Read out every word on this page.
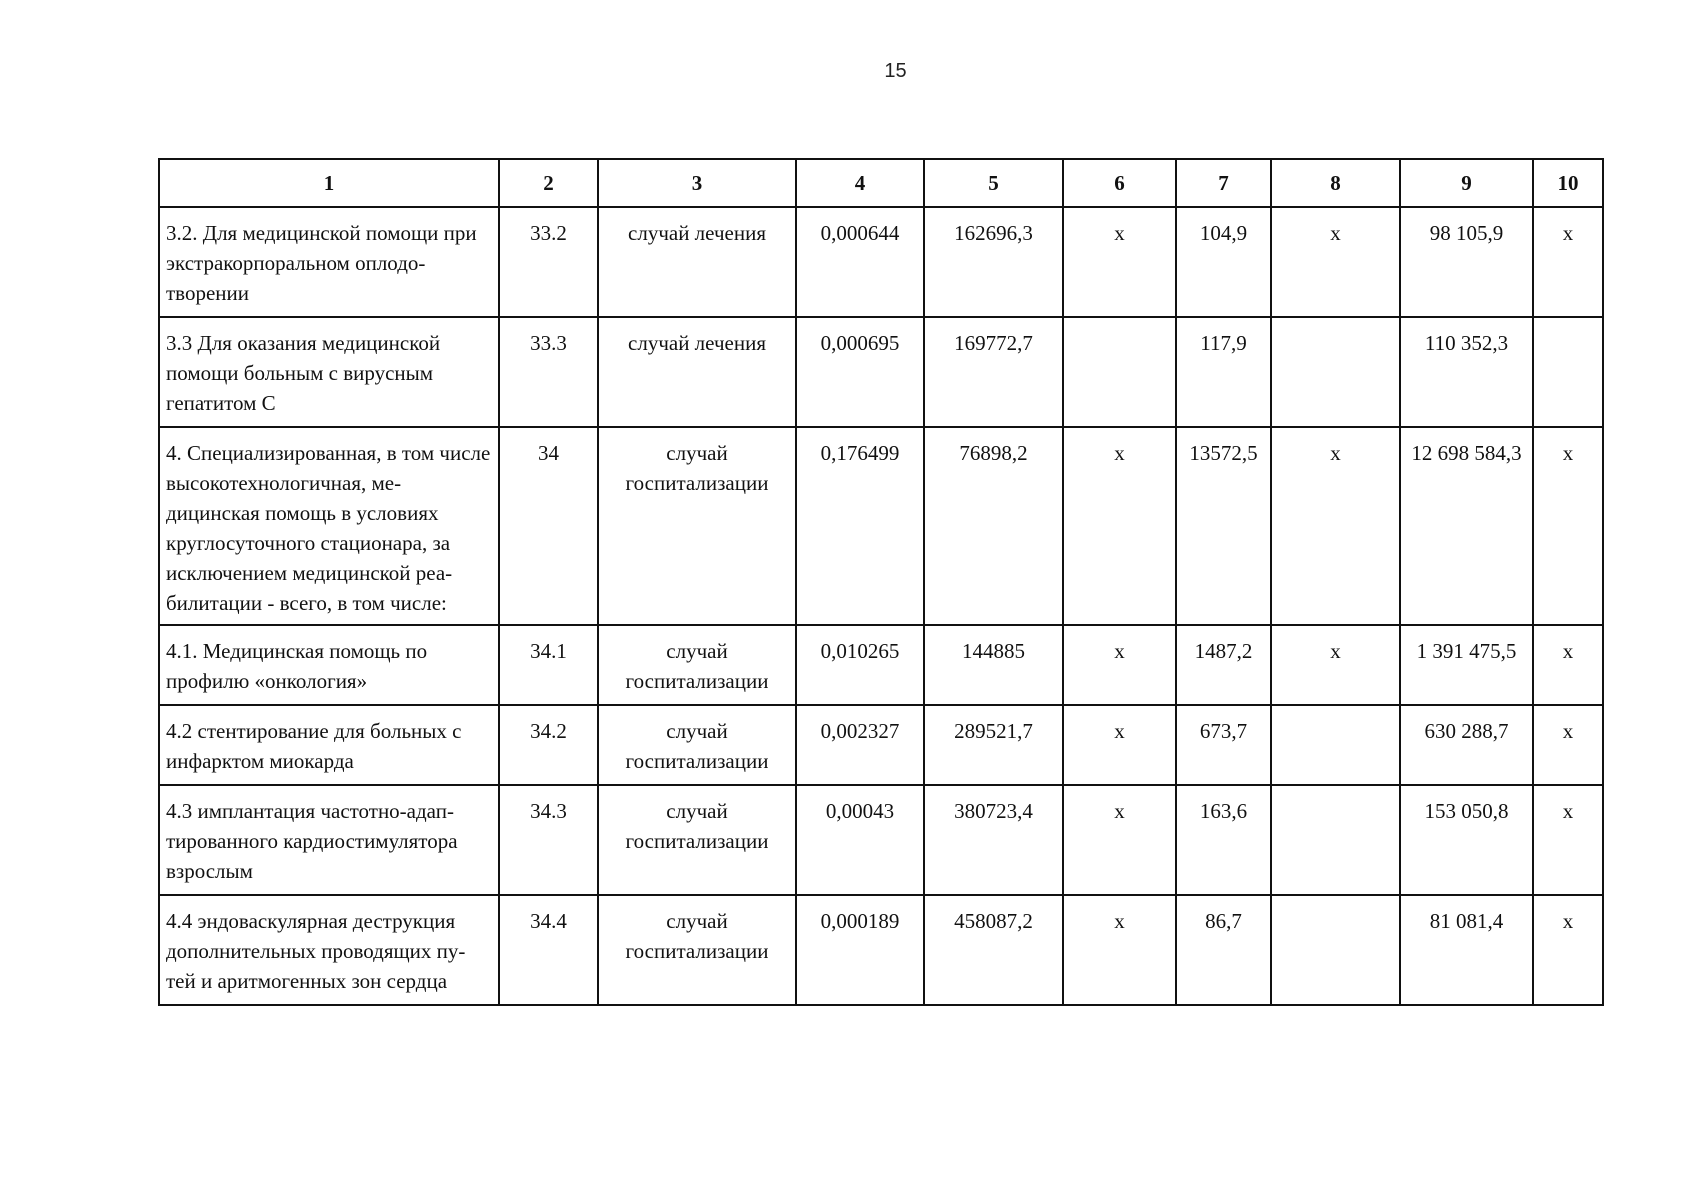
15
1	2	3	4	5	6	7	8	9	10
3.2. Для медицинской помощи при экстракорпоральном оплодо-творении	33.2	случай лечения	0,000644	162696,3	х	104,9	х	98 105,9	х
3.3 Для оказания медицинской помощи больным с вирусным гепатитом С	33.3	случай лечения	0,000695	169772,7		117,9		110 352,3	
4. Специализированная, в том числе высокотехнологичная, ме-дицинская помощь в условиях круглосуточного стационара, за исключением медицинской реа-билитации - всего, в том числе:	34	случай госпитализации	0,176499	76898,2	х	13572,5	х	12 698 584,3	х
4.1. Медицинская помощь по профилю «онкология»	34.1	случай госпитализации	0,010265	144885	х	1487,2	х	1 391 475,5	х
4.2 стентирование для больных с инфарктом миокарда	34.2	случай госпитализации	0,002327	289521,7	х	673,7		630 288,7	х
4.3 имплантация частотно-адап-тированного кардиостимулятора взрослым	34.3	случай госпитализации	0,00043	380723,4	х	163,6		153 050,8	х
4.4 эндоваскулярная деструкция дополнительных проводящих пу-тей и аритмогенных зон сердца	34.4	случай госпитализации	0,000189	458087,2	х	86,7		81 081,4	х
